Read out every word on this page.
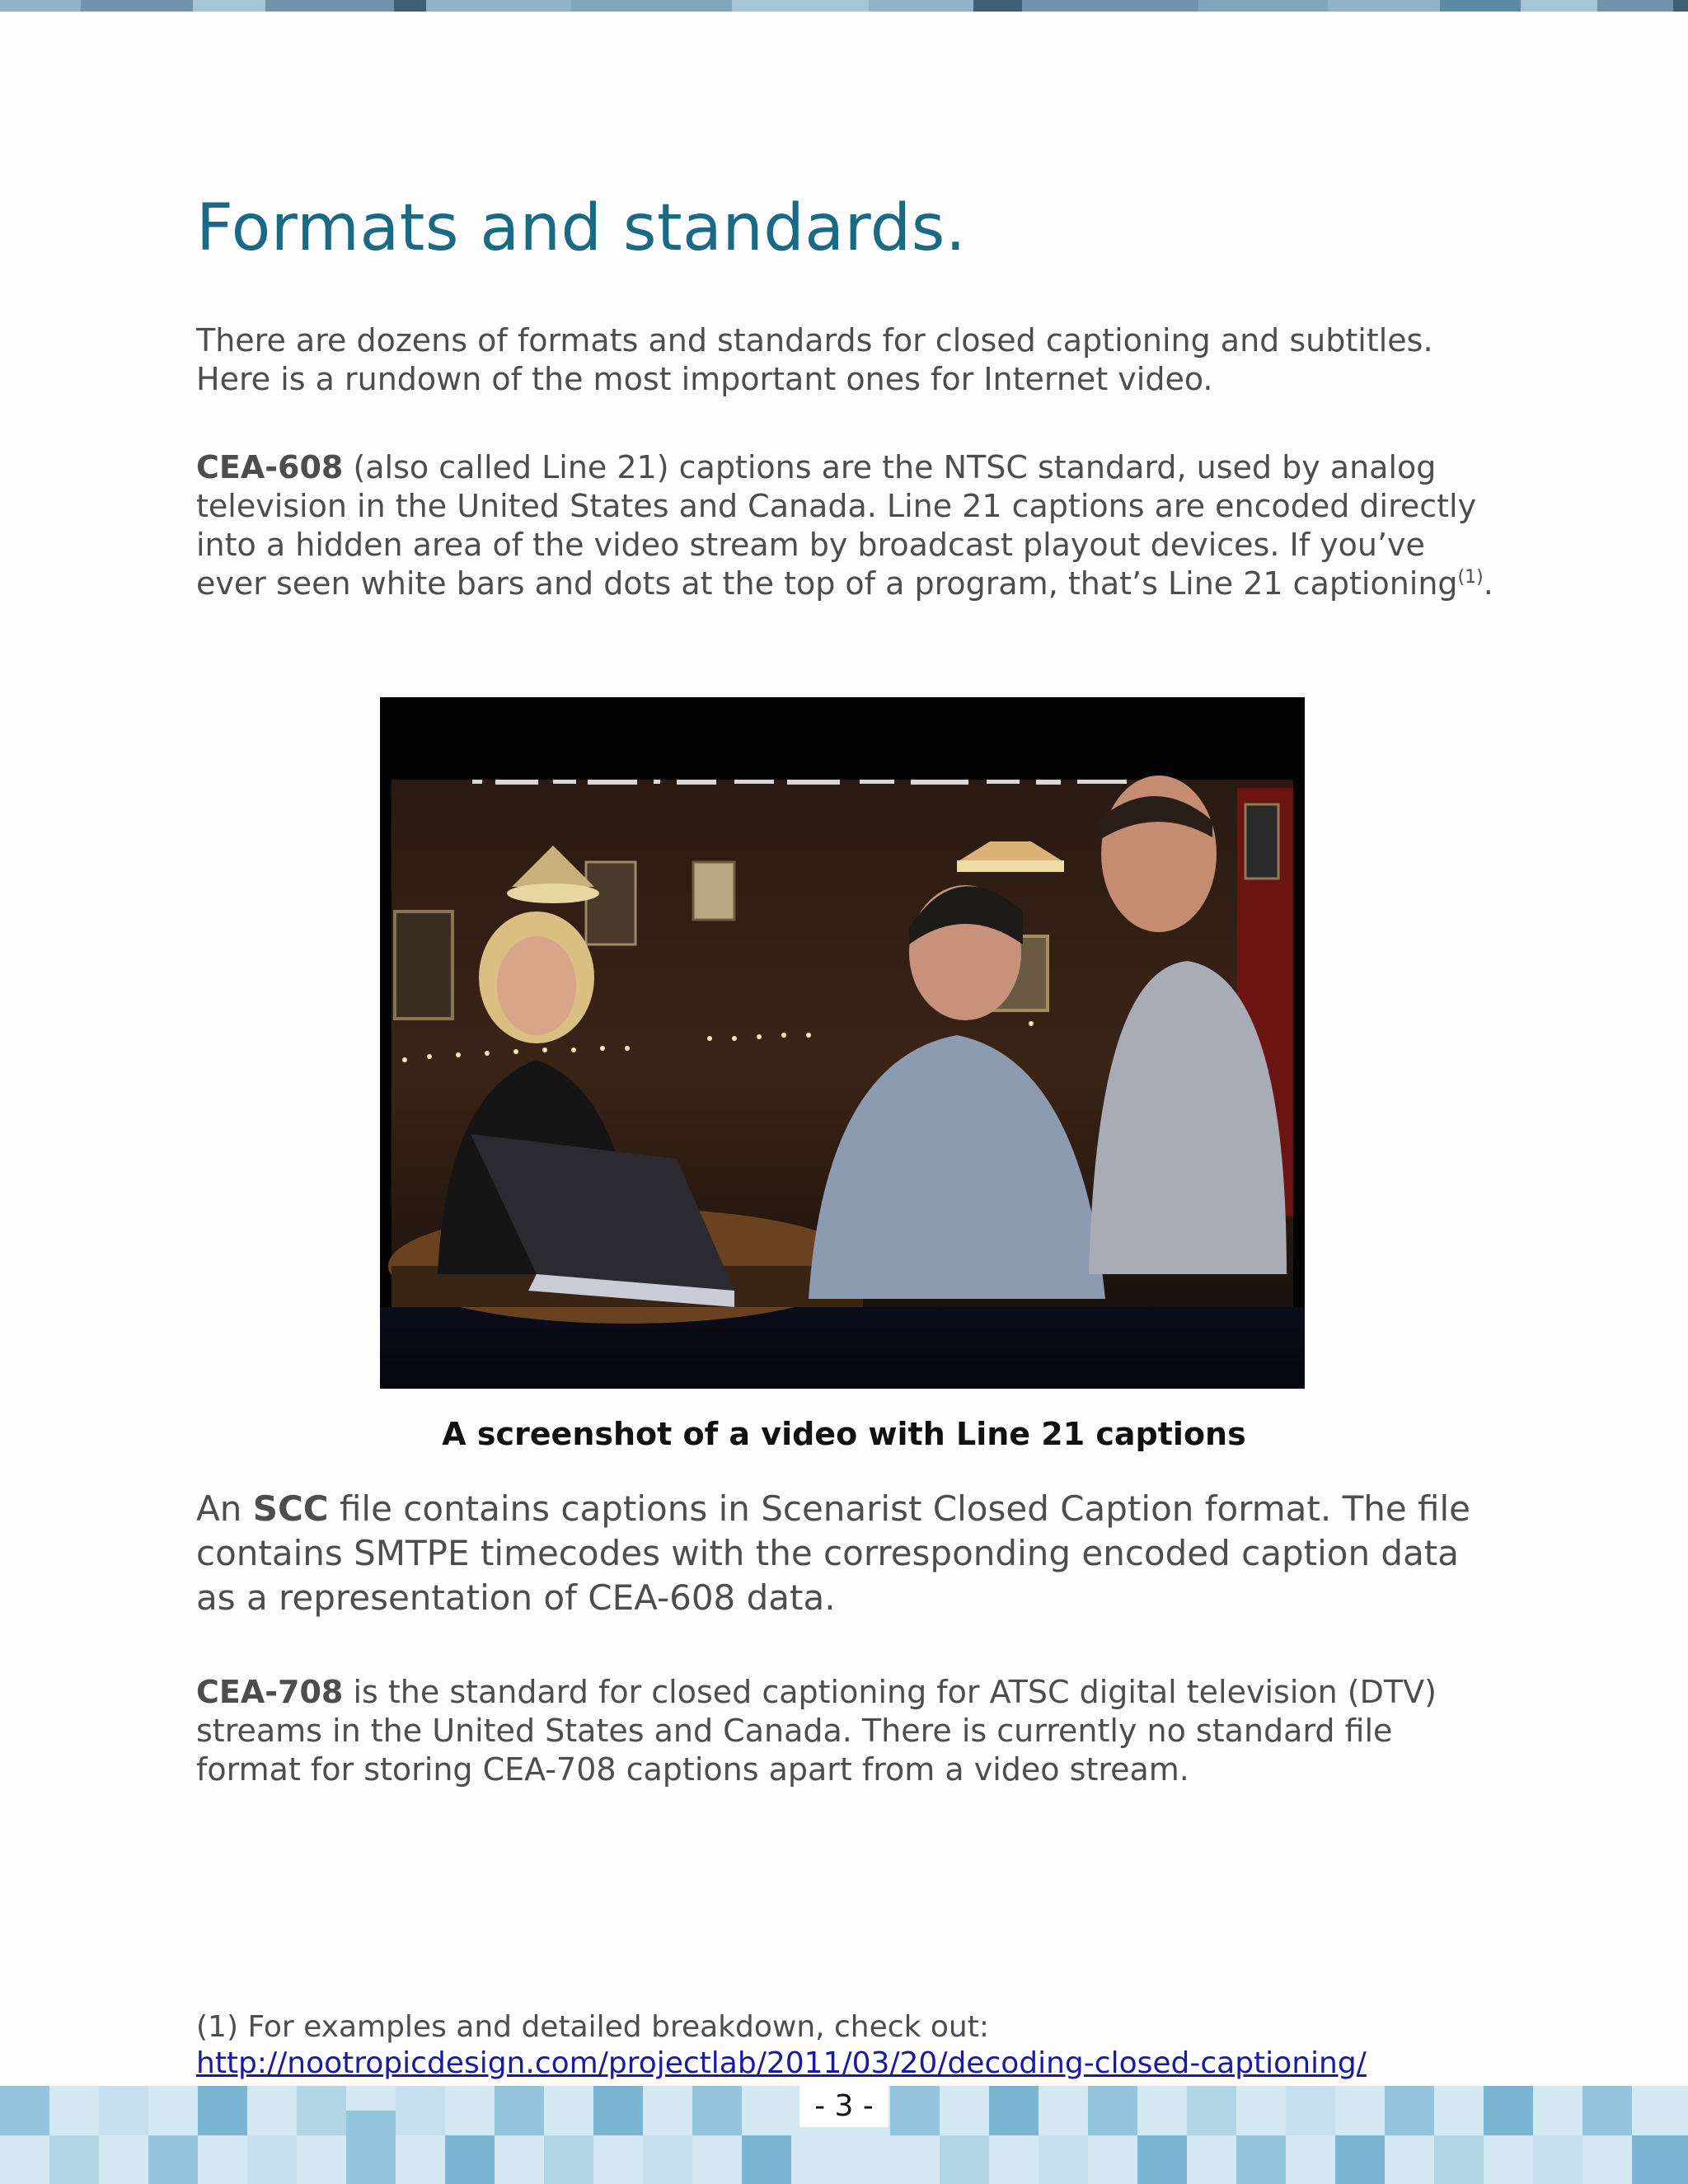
Formats and standards.

There are dozens of formats and standards for closed captioning and subtitles. Here is a rundown of the most important ones for Internet video.

CEA-608 (also called Line 21) captions are the NTSC standard, used by analog television in the United States and Canada. Line 21 captions are encoded directly into a hidden area of the video stream by broadcast playout devices. If you’ve ever seen white bars and dots at the top of a program, that’s Line 21 captioning$^{(1)}$.

A screenshot of a video with Line 21 captions

An SCC file contains captions in Scenarist Closed Caption format. The file contains SMTPE timecodes with the corresponding encoded caption data as a representation of CEA-608 data.

CEA-708 is the standard for closed captioning for ATSC digital television (DTV) streams in the United States and Canada. There is currently no standard file format for storing CEA-708 captions apart from a video stream.

(1) For examples and detailed breakdown, check out: http://nootropicdesign.com/projectlab/2011/03/20/decoding-closed-captioning/

- 3 -
